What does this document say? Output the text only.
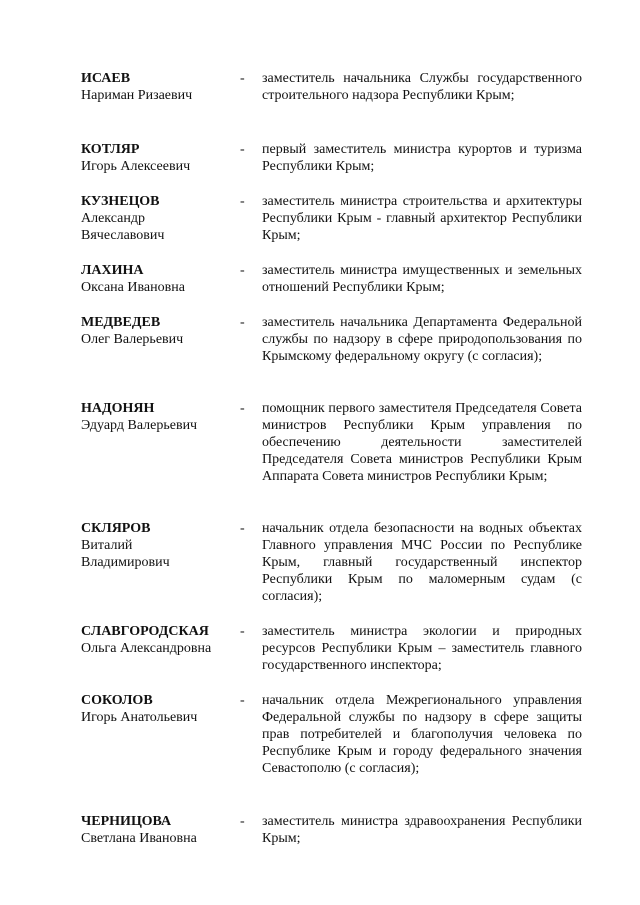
ИСАЕВ
Нариман Ризаевич
- заместитель начальника Службы государственного строительного надзора Республики Крым;
КОТЛЯР
Игорь Алексеевич
- первый заместитель министра курортов и туризма Республики Крым;
КУЗНЕЦОВ
Александр
Вячеславович
- заместитель министра строительства и архитектуры Республики Крым - главный архитектор Республики Крым;
ЛАХИНА
Оксана Ивановна
- заместитель министра имущественных и земельных отношений Республики Крым;
МЕДВЕДЕВ
Олег Валерьевич
- заместитель начальника Департамента Федеральной службы по надзору в сфере природопользования по Крымскому федеральному округу (с согласия);
НАДОНЯН
Эдуард Валерьевич
- помощник первого заместителя Председателя Совета министров Республики Крым управления по обеспечению деятельности заместителей Председателя Совета министров Республики Крым Аппарата Совета министров Республики Крым;
СКЛЯРОВ
Виталий
Владимирович
- начальник отдела безопасности на водных объектах Главного управления МЧС России по Республике Крым, главный государственный инспектор Республики Крым по маломерным судам (с согласия);
СЛАВГОРОДСКАЯ
Ольга Александровна
- заместитель министра экологии и природных ресурсов Республики Крым – заместитель главного государственного инспектора;
СОКОЛОВ
Игорь Анатольевич
- начальник отдела Межрегионального управления Федеральной службы по надзору в сфере защиты прав потребителей и благополучия человека по Республике Крым и городу федерального значения Севастополю (с согласия);
ЧЕРНИЦОВА
Светлана Ивановна
- заместитель министра здравоохранения Республики Крым;
